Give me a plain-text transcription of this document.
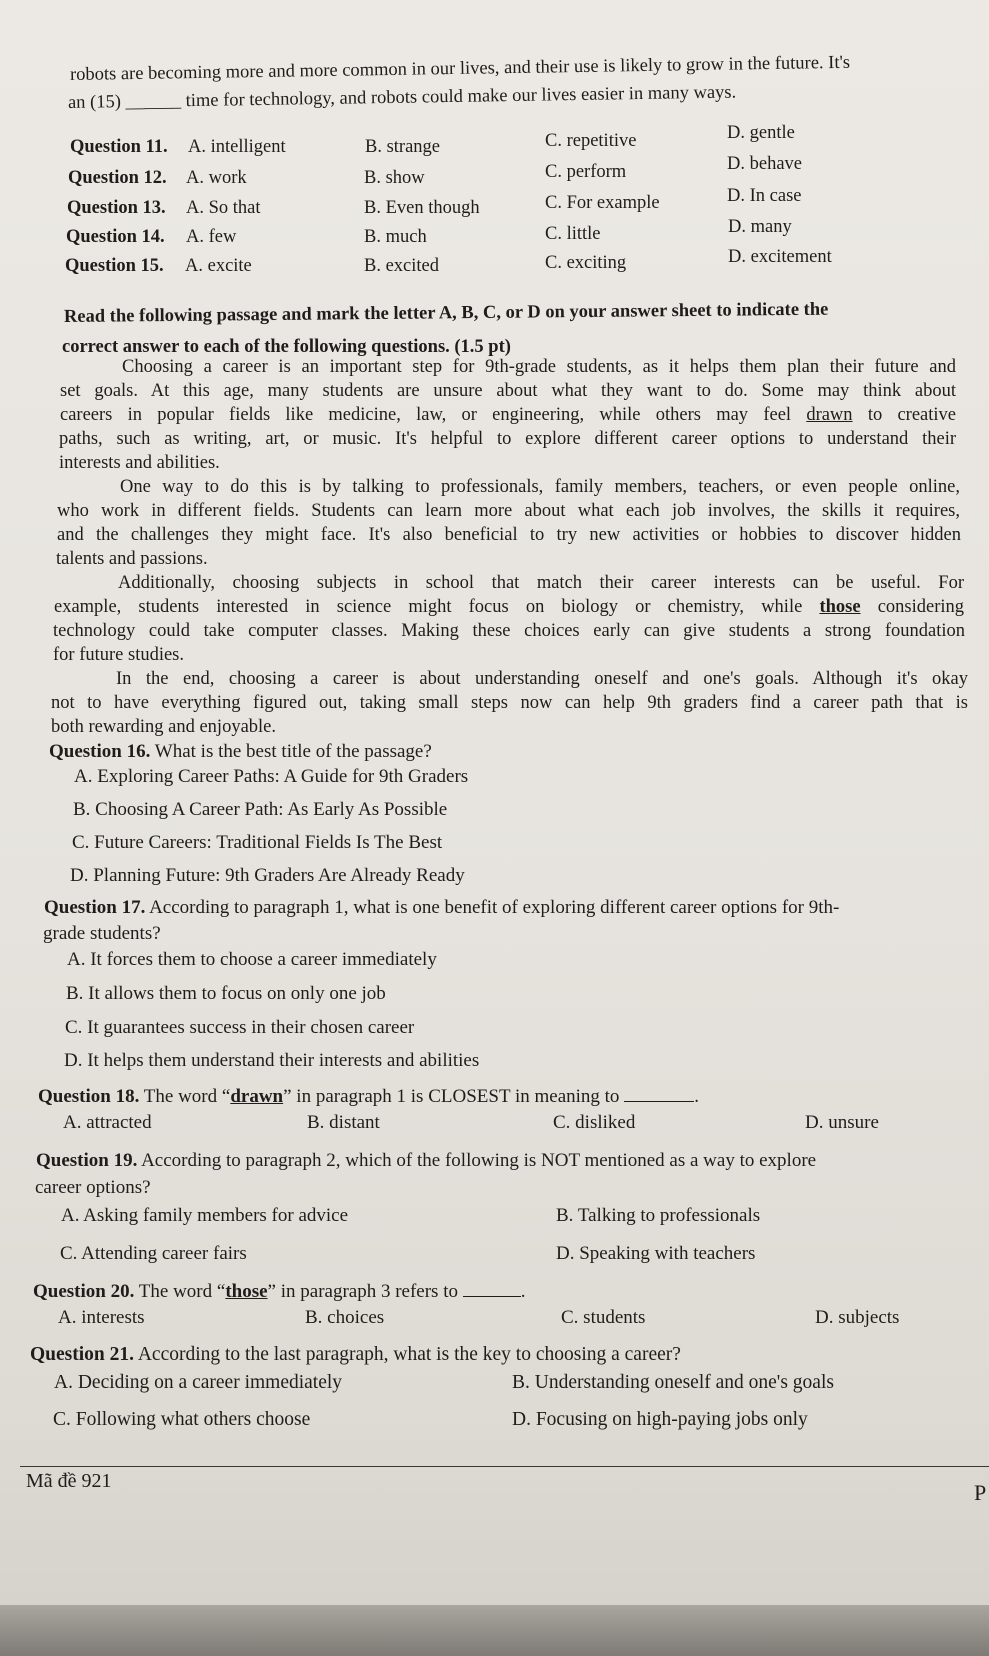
robots are becoming more and more common in our lives, and their use is likely to grow in the future. It's
an (15) ______ time for technology, and robots could make our lives easier in many ways.
Question 11. A. intelligent	B. strange	C. repetitive	D. gentle
Question 12. A. work	B. show	C. perform	D. behave
Question 13. A. So that	B. Even though	C. For example	D. In case
Question 14. A. few	B. much	C. little	D. many
Question 15. A. excite	B. excited	C. exciting	D. excitement
Read the following passage and mark the letter A, B, C, or D on your answer sheet to indicate the
correct answer to each of the following questions. (1.5 pt)
Choosing a career is an important step for 9th-grade students, as it helps them plan their future and
set goals. At this age, many students are unsure about what they want to do. Some may think about
careers in popular fields like medicine, law, or engineering, while others may feel drawn to creative
paths, such as writing, art, or music. It's helpful to explore different career options to understand their
interests and abilities.
One way to do this is by talking to professionals, family members, teachers, or even people online,
who work in different fields. Students can learn more about what each job involves, the skills it requires,
and the challenges they might face. It's also beneficial to try new activities or hobbies to discover hidden
talents and passions.
Additionally, choosing subjects in school that match their career interests can be useful. For
example, students interested in science might focus on biology or chemistry, while those considering
technology could take computer classes. Making these choices early can give students a strong foundation
for future studies.
In the end, choosing a career is about understanding oneself and one's goals. Although it's okay
not to have everything figured out, taking small steps now can help 9th graders find a career path that is
both rewarding and enjoyable.
Question 16. What is the best title of the passage?
A. Exploring Career Paths: A Guide for 9th Graders
B. Choosing A Career Path: As Early As Possible
C. Future Careers: Traditional Fields Is The Best
D. Planning Future: 9th Graders Are Already Ready
Question 17. According to paragraph 1, what is one benefit of exploring different career options for 9th-
grade students?
A. It forces them to choose a career immediately
B. It allows them to focus on only one job
C. It guarantees success in their chosen career
D. It helps them understand their interests and abilities
Question 18. The word “drawn” in paragraph 1 is CLOSEST in meaning to	.
A. attracted	B. distant	C. disliked	D. unsure
Question 19. According to paragraph 2, which of the following is NOT mentioned as a way to explore
career options?
A. Asking family members for advice	B. Talking to professionals
C. Attending career fairs	D. Speaking with teachers
Question 20. The word “those” in paragraph 3 refers to	.
A. interests	B. choices	C. students	D. subjects
Question 21. According to the last paragraph, what is the key to choosing a career?
A. Deciding on a career immediately	B. Understanding oneself and one's goals
C. Following what others choose	D. Focusing on high-paying jobs only
Mã đề 921	P
